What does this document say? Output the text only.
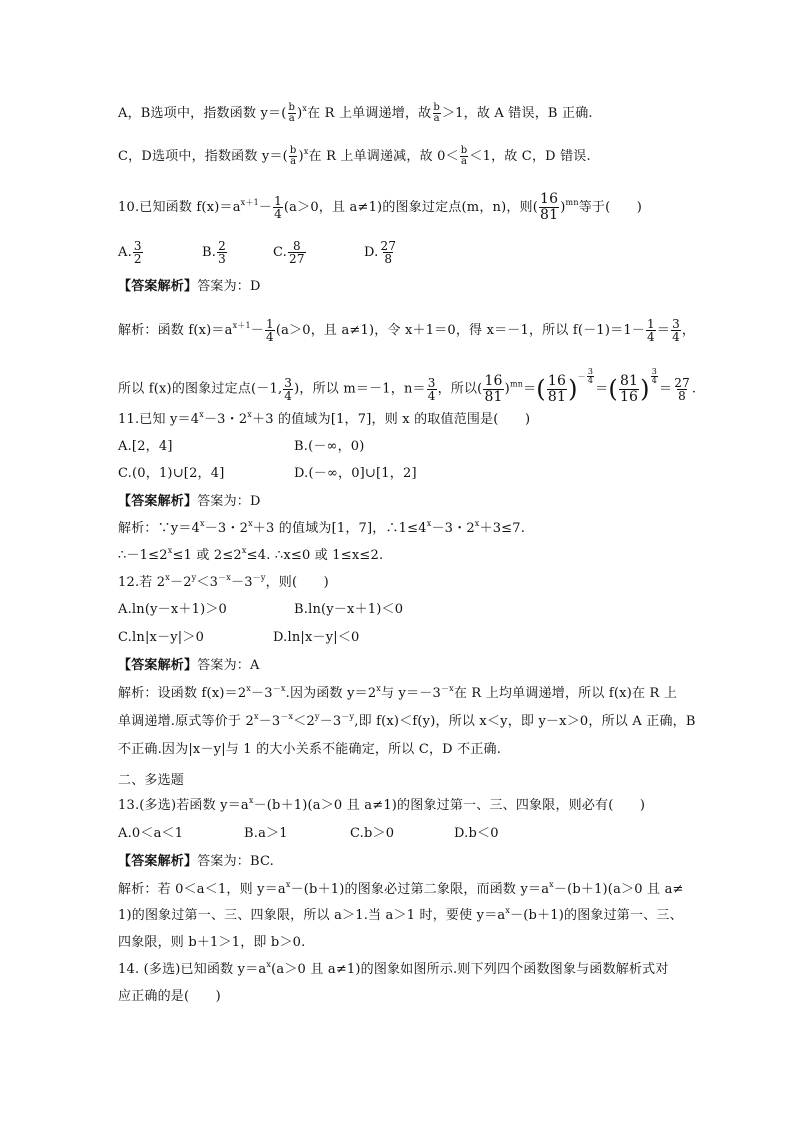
A，B选项中，指数函数 $y=( \frac{b}{a} )^x$在 R 上单调递增，故 $\frac{b}{a} >1$，故 A 错误，B 正确.
C，D选项中，指数函数 $y=( \frac{b}{a} )^x$在 R 上单调递减，故 $0< \frac{b}{a} <1$，故 C，D 错误.
10.已知函数 $f(x)=a^{x+1}- \frac{1}{4} (a>0$，且 a≠1)的图象过定点(m，n)，则( $\frac{16}{81} )^{mn}$等于(　　)
A. $\frac{3}{2}$	B. $\frac{2}{3}$	C. $\frac{8}{27}$	D. $\frac{27}{8}$
【答案解析】答案为：D
解析：函数 $f(x)=a^{x+1}- \frac{1}{4} (a>0$，且 a≠1)，令 x＋1＝0，得 x＝－1，所以 $f(-1)=1- \frac{1}{4} = \frac{3}{4}$ ，
所以 f(x)的图象过定点(－1, $\frac{3}{4}$ )，所以 m＝－1，$n= \frac{3}{4}$ ，所以( $\frac{16}{81} )^{mn}=( \frac{16}{81} )^{- \frac{3}{4}}$
＝( $\frac{81}{16}$ ) $^{\frac{3}{4}}$
＝ $\frac{27}{8}$ .
11.已知 $y=4^x-3$・$2^x+3$ 的值域为[1，7]，则 x 的取值范围是(　　)
A.[2，4]	B.(－∞，0)
C.(0，1)∪[2，4]	D.(－∞，0]∪[1，2]
【答案解析】答案为：D
解析：$\because y=4^x-3$・$2^x+3$ 的值域为[1，7]，$\therefore 1\le 4^x-3$・$2^x+3\le 7$.
$\therefore-1\le 2^x\le 1$ 或 $2\le 2^x\le 4$. ∴x≤0 或 1≤x≤2.
12.若 $2^x-2^y<3^{-x}-3^{-y}$，则(　　)
A.ln(y－x＋1)＞0	B.ln(y－x＋1)＜0
C.ln|x－y|＞0	D.ln|x－y|＜0
【答案解析】答案为：A
解析：设函数 $f(x)=2^x-3^{-x}$.因为函数 $y=2^x$与 $y=-3^{-x}$在 R 上均单调递增，所以 f(x)在 R 上
单调递增.原式等价于 $2^x-3^{-x}<2^y-3^{-y}$,即 f(x)＜f(y)，所以 x＜y，即 y－x＞0，所以 A 正确，B
不正确.因为|x－y|与 1 的大小关系不能确定，所以 C，D 不正确.
二、多选题
13.(多选)若函数 $y=a^x-(b+1)(a>0$ 且 a≠1)的图象过第一、三、四象限，则必有(　　)
A.0＜a＜1	B.a＞1	C.b＞0	D.b＜0
【答案解析】答案为：BC.
解析：若 0＜a＜1，则 $y=a^x-(b+1)$的图象必过第二象限，而函数 $y=a^x-(b+1)(a>0$ 且 a≠
1)的图象过第一、三、四象限，所以 a＞1.当 a＞1 时，要使 $y=a^x-(b+1)$的图象过第一、三、
四象限，则 b＋1＞1，即 b＞0.
14. (多选)已知函数 $y=a^x(a>0$ 且 a≠1)的图象如图所示.则下列四个函数图象与函数解析式对
应正确的是(　　)
